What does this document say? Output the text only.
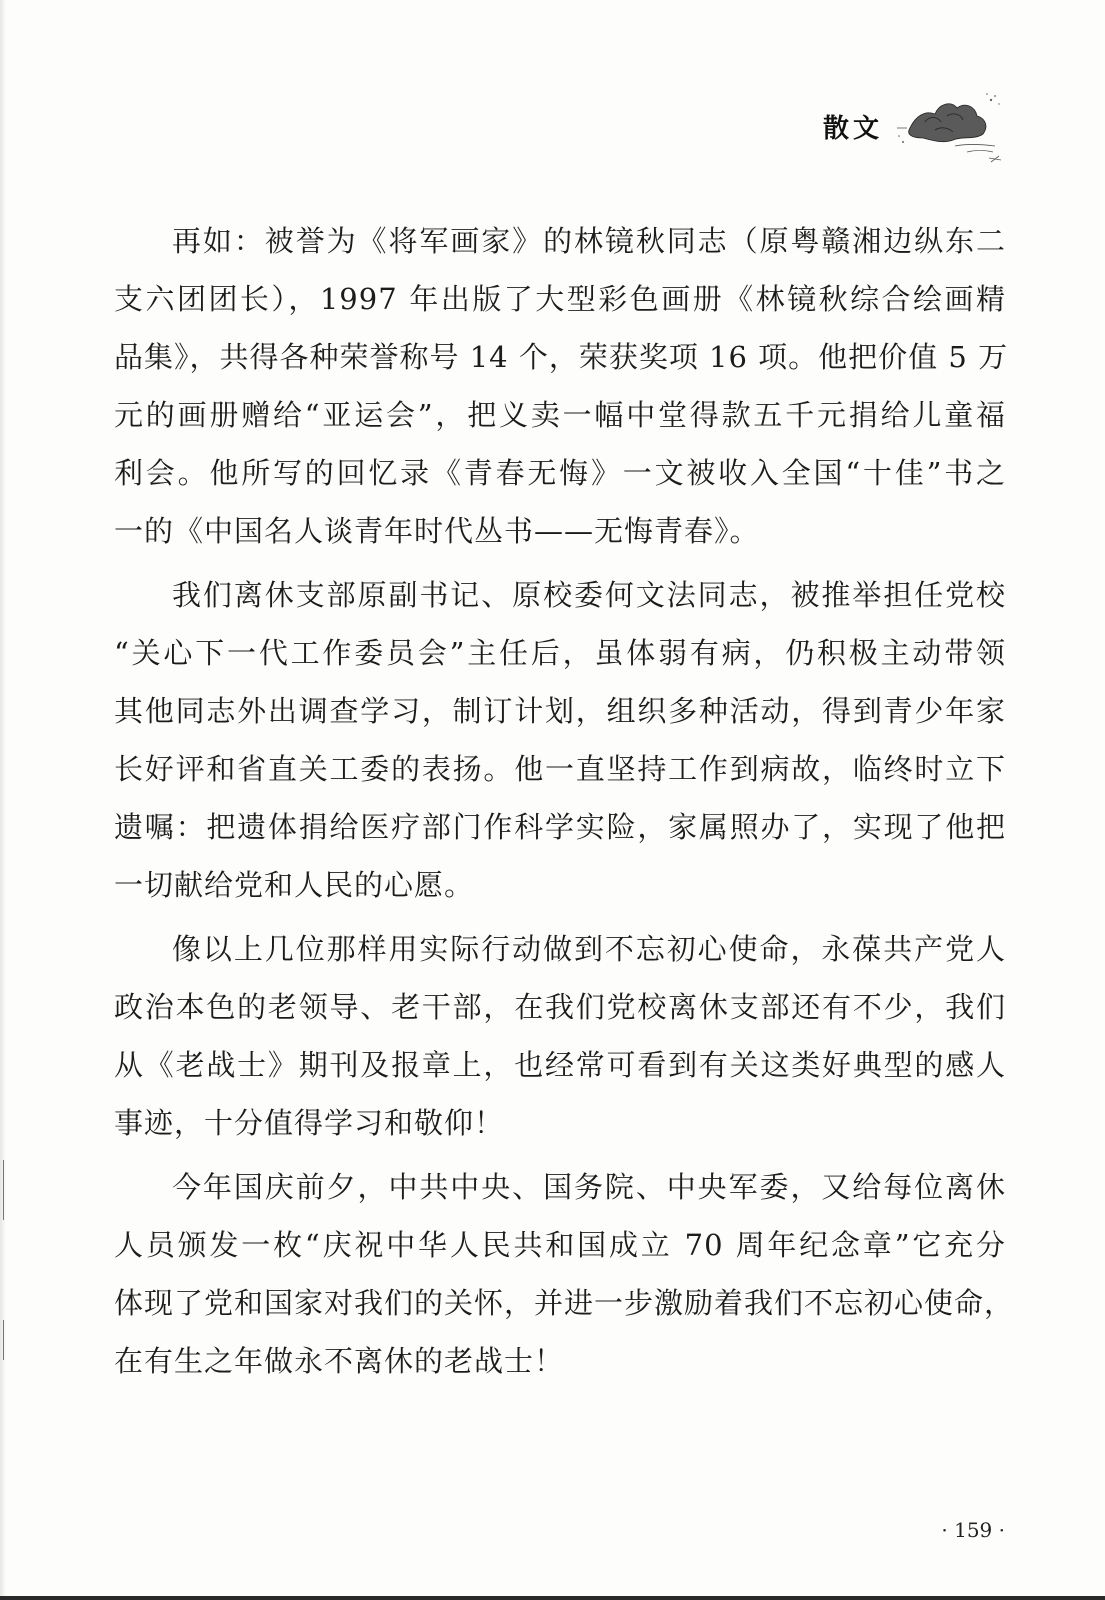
散文
再如：被誉为《将军画家》的林镜秋同志（原粤赣湘边纵东二
支六团团长），1997 年出版了大型彩色画册《林镜秋综合绘画精
品集》，共得各种荣誉称号 14 个，荣获奖项 16 项。他把价值 5 万
元的画册赠给“亚运会”，把义卖一幅中堂得款五千元捐给儿童福
利会。他所写的回忆录《青春无悔》一文被收入全国“十佳”书之
一的《中国名人谈青年时代丛书——无悔青春》。
我们离休支部原副书记、原校委何文法同志，被推举担任党校
“关心下一代工作委员会”主任后，虽体弱有病，仍积极主动带领
其他同志外出调查学习，制订计划，组织多种活动，得到青少年家
长好评和省直关工委的表扬。他一直坚持工作到病故，临终时立下
遗嘱：把遗体捐给医疗部门作科学实险，家属照办了，实现了他把
一切献给党和人民的心愿。
像以上几位那样用实际行动做到不忘初心使命，永葆共产党人
政治本色的老领导、老干部，在我们党校离休支部还有不少，我们
从《老战士》期刊及报章上，也经常可看到有关这类好典型的感人
事迹，十分值得学习和敬仰！
今年国庆前夕，中共中央、国务院、中央军委，又给每位离休
人员颁发一枚“庆祝中华人民共和国成立 70 周年纪念章”它充分
体现了党和国家对我们的关怀，并进一步激励着我们不忘初心使命，
在有生之年做永不离休的老战士！
· 159 ·
